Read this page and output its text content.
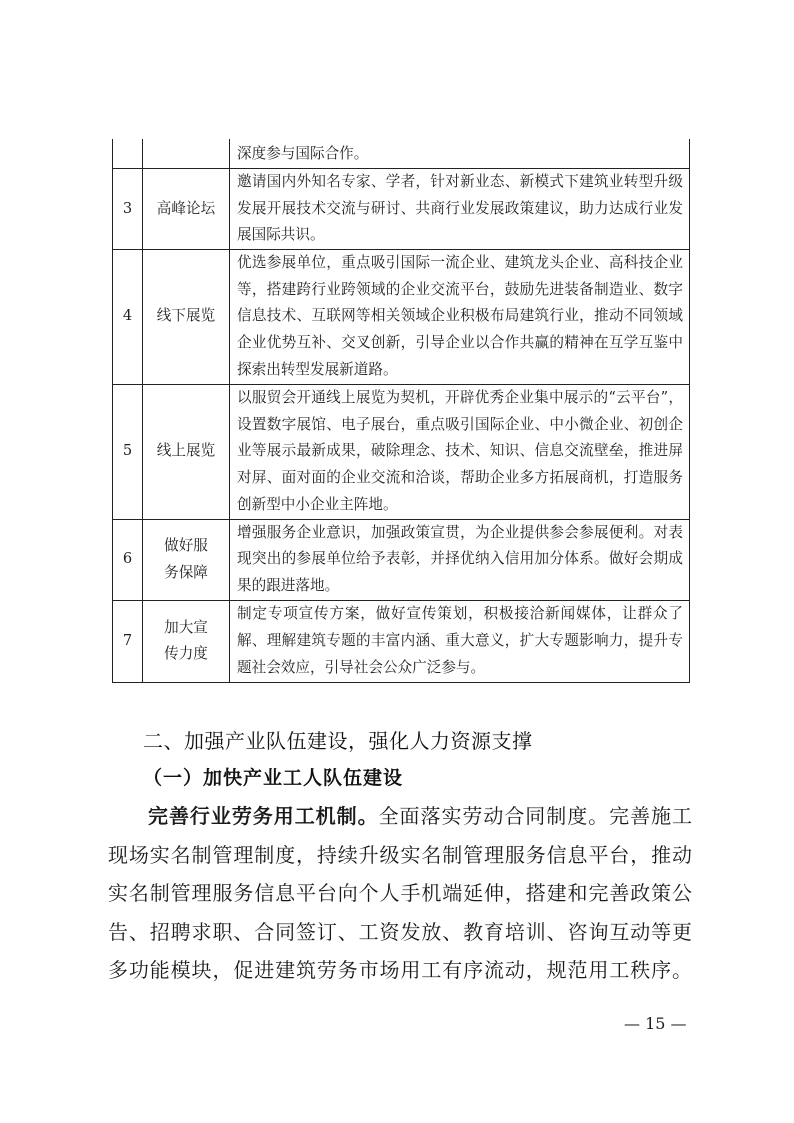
		深度参与国际合作。
3	高峰论坛	邀请国内外知名专家、学者，针对新业态、新模式下建筑业转型升级发展开展技术交流与研讨、共商行业发展政策建议，助力达成行业发展国际共识。
4	线下展览	优选参展单位，重点吸引国际一流企业、建筑龙头企业、高科技企业等，搭建跨行业跨领域的企业交流平台，鼓励先进装备制造业、数字信息技术、互联网等相关领域企业积极布局建筑行业，推动不同领域企业优势互补、交叉创新，引导企业以合作共赢的精神在互学互鉴中探索出转型发展新道路。
5	线上展览	以服贸会开通线上展览为契机，开辟优秀企业集中展示的“云平台”，设置数字展馆、电子展台，重点吸引国际企业、中小微企业、初创企业等展示最新成果，破除理念、技术、知识、信息交流壁垒，推进屏对屏、面对面的企业交流和洽谈，帮助企业多方拓展商机，打造服务创新型中小企业主阵地。
6	做好服务保障	增强服务企业意识，加强政策宣贯，为企业提供参会参展便利。对表现突出的参展单位给予表彰，并择优纳入信用加分体系。做好会期成果的跟进落地。
7	加大宣传力度	制定专项宣传方案，做好宣传策划，积极接洽新闻媒体，让群众了解、理解建筑专题的丰富内涵、重大意义，扩大专题影响力，提升专题社会效应，引导社会公众广泛参与。
二、加强产业队伍建设，强化人力资源支撑
（一）加快产业工人队伍建设
完善行业劳务用工机制。全面落实劳动合同制度。完善施工
现场实名制管理制度，持续升级实名制管理服务信息平台，推动
实名制管理服务信息平台向个人手机端延伸，搭建和完善政策公
告、招聘求职、合同签订、工资发放、教育培训、咨询互动等更
多功能模块，促进建筑劳务市场用工有序流动，规范用工秩序。
— 15 —
